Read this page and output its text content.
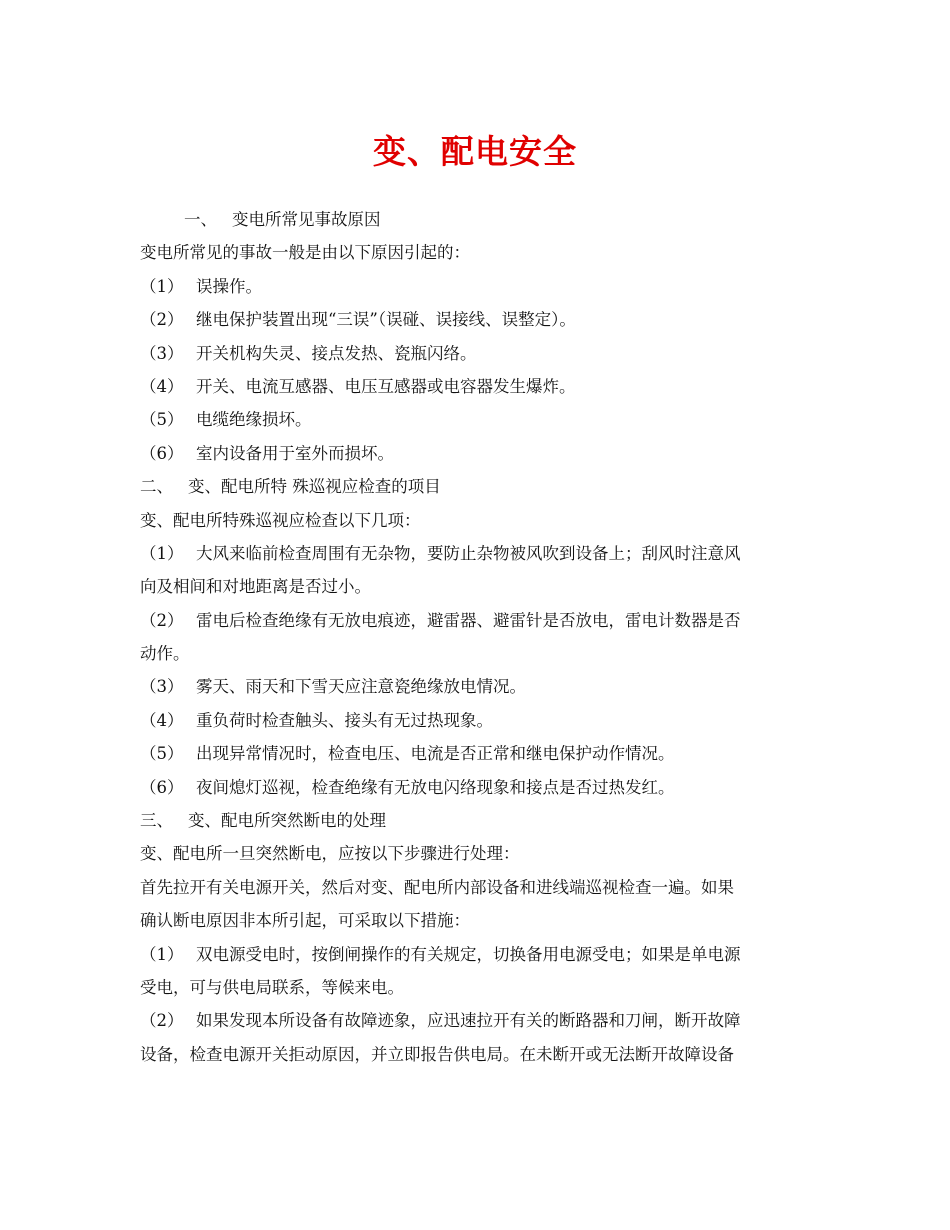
变、配电安全
一、 变电所常见事故原因
变电所常见的事故一般是由以下原因引起的：
（1） 误操作。
（2） 继电保护装置出现“三误”（误碰、误接线、误整定）。
（3） 开关机构失灵、接点发热、瓷瓶闪络。
（4） 开关、电流互感器、电压互感器或电容器发生爆炸。
（5） 电缆绝缘损坏。
（6） 室内设备用于室外而损坏。
二、 变、配电所特 殊巡视应检查的项目
变、配电所特殊巡视应检查以下几项：
（1） 大风来临前检查周围有无杂物，要防止杂物被风吹到设备上；刮风时注意风
向及相间和对地距离是否过小。
（2） 雷电后检查绝缘有无放电痕迹，避雷器、避雷针是否放电，雷电计数器是否
动作。
（3） 雾天、雨天和下雪天应注意瓷绝缘放电情况。
（4） 重负荷时检查触头、接头有无过热现象。
（5） 出现异常情况时，检查电压、电流是否正常和继电保护动作情况。
（6） 夜间熄灯巡视，检查绝缘有无放电闪络现象和接点是否过热发红。
三、 变、配电所突然断电的处理
变、配电所一旦突然断电，应按以下步骤进行处理：
首先拉开有关电源开关，然后对变、配电所内部设备和进线端巡视检查一遍。如果
确认断电原因非本所引起，可采取以下措施：
（1） 双电源受电时，按倒闸操作的有关规定，切换备用电源受电；如果是单电源
受电，可与供电局联系，等候来电。
（2） 如果发现本所设备有故障迹象，应迅速拉开有关的断路器和刀闸，断开故障
设备，检查电源开关拒动原因，并立即报告供电局。在未断开或无法断开故障设备
